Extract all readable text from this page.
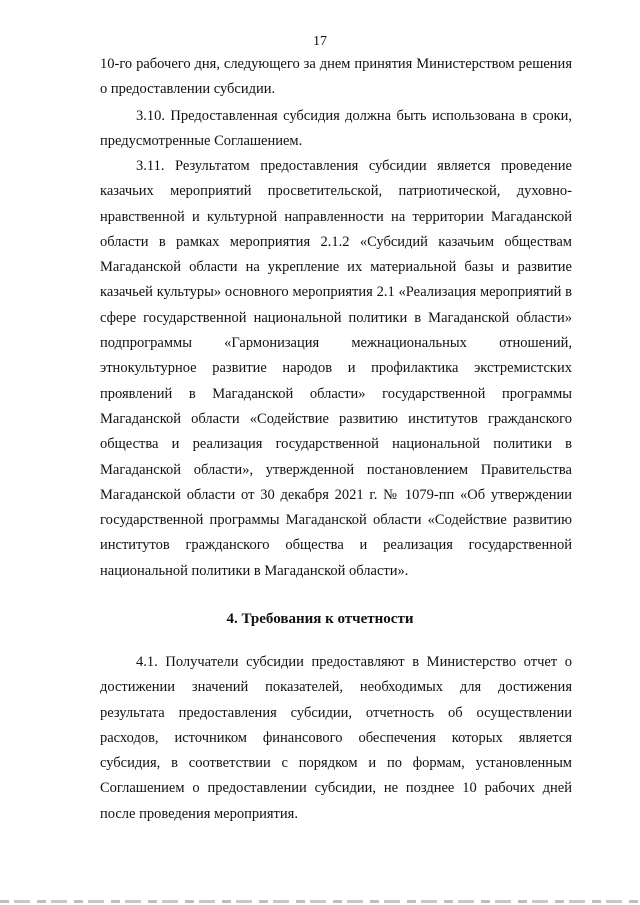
17

10-го рабочего дня, следующего за днем принятия Министерством решения о предоставлении субсидии.

3.10. Предоставленная субсидия должна быть использована в сроки, предусмотренные Соглашением.

3.11. Результатом предоставления субсидии является проведение казачьих мероприятий просветительской, патриотической, духовно-нравственной и культурной направленности на территории Магаданской области в рамках мероприятия 2.1.2 «Субсидий казачьим обществам Магаданской области на укрепление их материальной базы и развитие казачьей культуры» основного мероприятия 2.1 «Реализация мероприятий в сфере государственной национальной политики в Магаданской области» подпрограммы «Гармонизация межнациональных отношений, этнокультурное развитие народов и профилактика экстремистских проявлений в Магаданской области» государственной программы Магаданской области «Содействие развитию институтов гражданского общества и реализация государственной национальной политики в Магаданской области», утвержденной постановлением Правительства Магаданской области от 30 декабря 2021 г. № 1079-пп «Об утверждении государственной программы Магаданской области «Содействие развитию институтов гражданского общества и реализация государственной национальной политики в Магаданской области».

4. Требования к отчетности

4.1. Получатели субсидии предоставляют в Министерство отчет о достижении значений показателей, необходимых для достижения результата предоставления субсидии, отчетность об осуществлении расходов, источником финансового обеспечения которых является субсидия, в соответствии с порядком и по формам, установленным Соглашением о предоставлении субсидии, не позднее 10 рабочих дней после проведения мероприятия.
